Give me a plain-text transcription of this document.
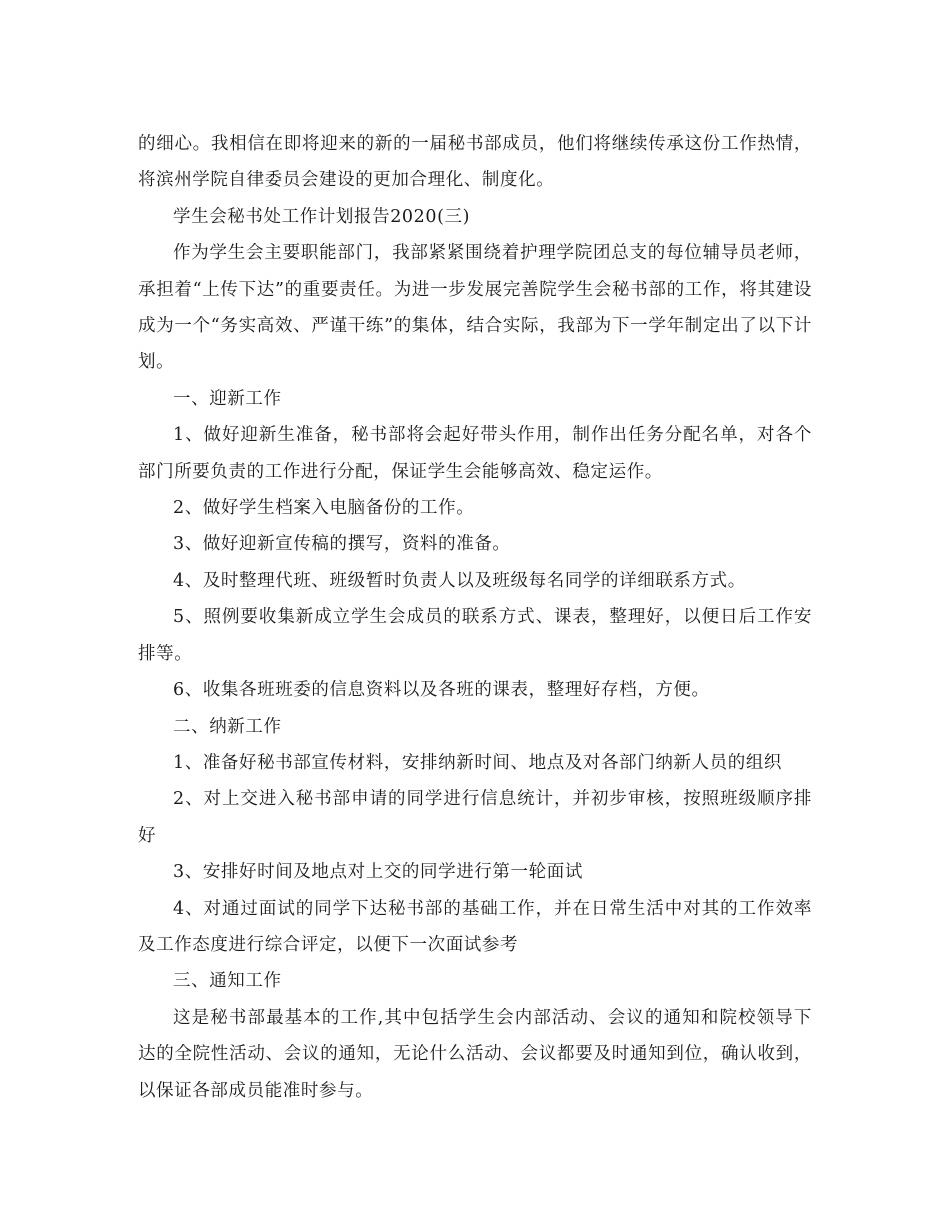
的细心。我相信在即将迎来的新的一届秘书部成员，他们将继续传承这份工作热情，将滨州学院自律委员会建设的更加合理化、制度化。

学生会秘书处工作计划报告2020(三)

作为学生会主要职能部门，我部紧紧围绕着护理学院团总支的每位辅导员老师，承担着“上传下达”的重要责任。为进一步发展完善院学生会秘书部的工作，将其建设成为一个“务实高效、严谨干练”的集体，结合实际，我部为下一学年制定出了以下计划。

一、迎新工作

1、做好迎新生准备，秘书部将会起好带头作用，制作出任务分配名单，对各个部门所要负责的工作进行分配，保证学生会能够高效、稳定运作。

2、做好学生档案入电脑备份的工作。

3、做好迎新宣传稿的撰写，资料的准备。

4、及时整理代班、班级暂时负责人以及班级每名同学的详细联系方式。

5、照例要收集新成立学生会成员的联系方式、课表，整理好，以便日后工作安排等。

6、收集各班班委的信息资料以及各班的课表，整理好存档，方便。

二、纳新工作

1、准备好秘书部宣传材料，安排纳新时间、地点及对各部门纳新人员的组织

2、对上交进入秘书部申请的同学进行信息统计，并初步审核，按照班级顺序排好

3、安排好时间及地点对上交的同学进行第一轮面试

4、对通过面试的同学下达秘书部的基础工作，并在日常生活中对其的工作效率及工作态度进行综合评定，以便下一次面试参考

三、通知工作

这是秘书部最基本的工作,其中包括学生会内部活动、会议的通知和院校领导下达的全院性活动、会议的通知，无论什么活动、会议都要及时通知到位，确认收到，以保证各部成员能准时参与。
